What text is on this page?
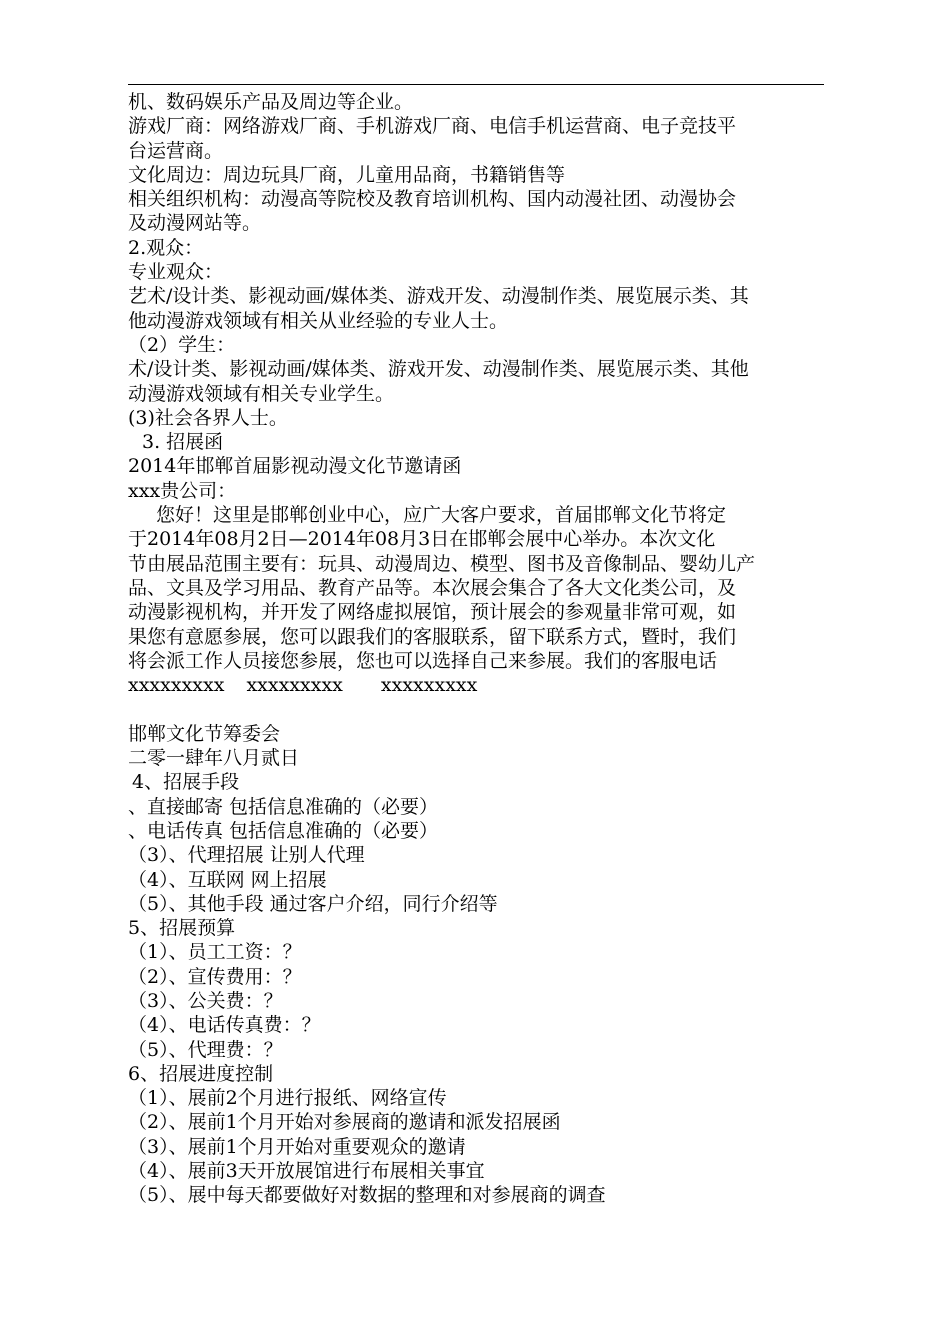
机、数码娱乐产品及周边等企业。
游戏厂商：网络游戏厂商、手机游戏厂商、电信手机运营商、电子竞技平
台运营商。
文化周边：周边玩具厂商，儿童用品商，书籍销售等
相关组织机构：动漫高等院校及教育培训机构、国内动漫社团、动漫协会
及动漫网站等。
2.观众：
专业观众：
艺术/设计类、影视动画/媒体类、游戏开发、动漫制作类、展览展示类、其
他动漫游戏领域有相关从业经验的专业人士。
（2）学生：
术/设计类、影视动画/媒体类、游戏开发、动漫制作类、展览展示类、其他
动漫游戏领域有相关专业学生。
(3)社会各界人士。
3. 招展函
2014年邯郸首届影视动漫文化节邀请函
xxx贵公司：
您好！这里是邯郸创业中心，应广大客户要求，首届邯郸文化节将定
于2014年08月2日—2014年08月3日在邯郸会展中心举办。本次文化
节由展品范围主要有：玩具、动漫周边、模型、图书及音像制品、婴幼儿产
品、文具及学习用品、教育产品等。本次展会集合了各大文化类公司，及
动漫影视机构，并开发了网络虚拟展馆，预计展会的参观量非常可观，如
果您有意愿参展，您可以跟我们的客服联系，留下联系方式，暨时，我们
将会派工作人员接您参展，您也可以选择自己来参展。我们的客服电话
xxxxxxxxx xxxxxxxxx xxxxxxxxx
邯郸文化节筹委会
二零一肆年八月贰日
4、招展手段
、直接邮寄 包括信息准确的（必要）
、电话传真 包括信息准确的（必要）
（3）、代理招展 让别人代理
（4）、互联网 网上招展
（5）、其他手段 通过客户介绍，同行介绍等
5、招展预算
（1）、员工工资：？
（2）、宣传费用：？
（3）、公关费：？
（4）、电话传真费：？
（5）、代理费：？
6、招展进度控制
（1）、展前2个月进行报纸、网络宣传
（2）、展前1个月开始对参展商的邀请和派发招展函
（3）、展前1个月开始对重要观众的邀请
（4）、展前3天开放展馆进行布展相关事宜
（5）、展中每天都要做好对数据的整理和对参展商的调查
